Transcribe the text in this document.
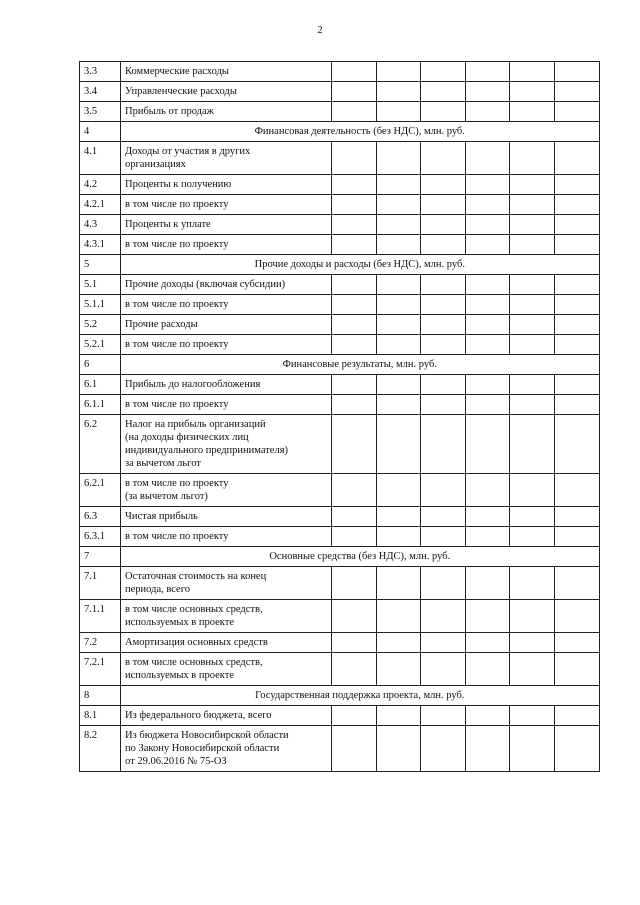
2
3.3	Коммерческие расходы						

3.4	Управленческие расходы						

3.5	Прибыль от продаж						

4	Финансовая деятельность (без НДС), млн. руб.						
4.1	Доходы от участия в других
организациях						

4.2	Проценты к получению						

4.2.1	в том числе по проекту						

4.3	Проценты к уплате						

4.3.1	в том числе по проекту						

5	Прочие доходы и расходы (без НДС), млн. руб.						
5.1	Прочие доходы (включая субсидии)						

5.1.1	в том числе по проекту						

5.2	Прочие расходы						

5.2.1	в том числе по проекту						

6	Финансовые результаты, млн. руб.						
6.1	Прибыль до налогообложения						

6.1.1	в том числе по проекту						

6.2	Налог на прибыль организаций
(на доходы физических лиц
индивидуального предпринимателя)
за вычетом льгот						

6.2.1	в том числе по проекту
(за вычетом льгот)						

6.3	Чистая прибыль						

6.3.1	в том числе по проекту						

7	Основные средства (без НДС), млн. руб.						
7.1	Остаточная стоимость на конец
периода, всего						

7.1.1	в том числе основных средств,
используемых в проекте						

7.2	Амортизация основных средств						

7.2.1	в том числе основных средств,
используемых в проекте						

8	Государственная поддержка проекта, млн. руб.						
8.1	Из федерального бюджета, всего						

8.2	Из бюджета Новосибирской области
по Закону Новосибирской области
от 29.06.2016 № 75-ОЗ						
